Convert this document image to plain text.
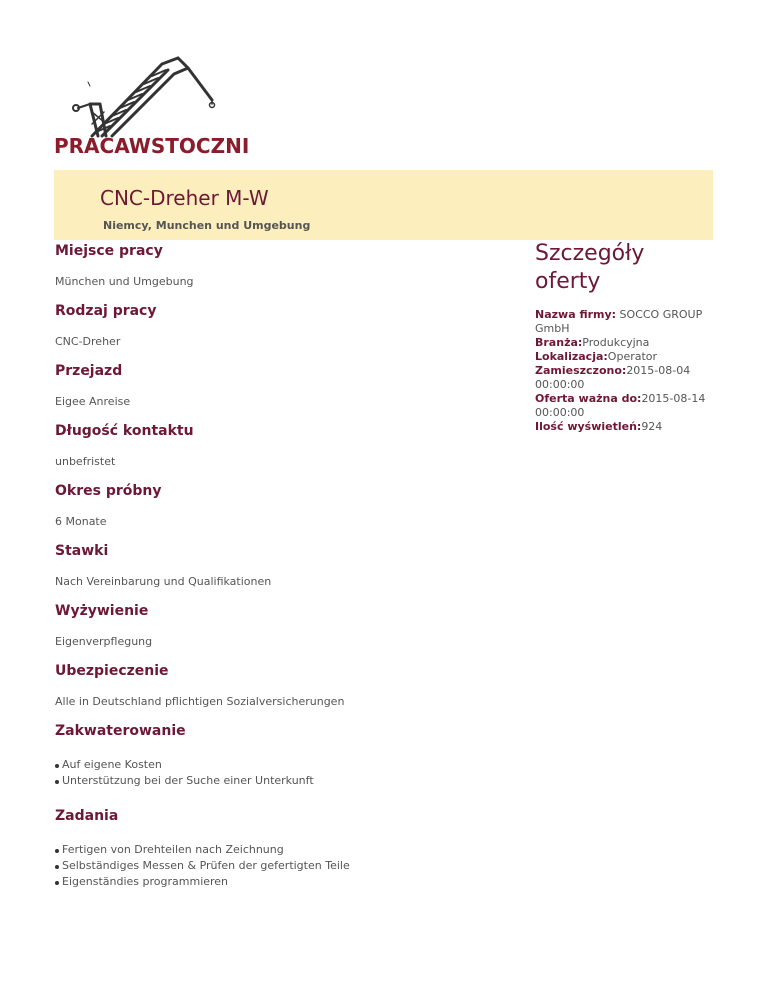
PRACAWSTOCZNI
CNC-Dreher M-W
Niemcy, Munchen und Umgebung
Miejsce pracy
München und Umgebung
Rodzaj pracy
CNC-Dreher
Przejazd
Eigee Anreise
Długość kontaktu
unbefristet
Okres próbny
6 Monate
Stawki
Nach Vereinbarung und Qualifikationen
Wyżywienie
Eigenverpflegung
Ubezpieczenie
Alle in Deutschland pflichtigen Sozialversicherungen
Zakwaterowanie
Auf eigene Kosten
Unterstützung bei der Suche einer Unterkunft
Zadania
Fertigen von Drehteilen nach Zeichnung
Selbständiges Messen & Prüfen der gefertigten Teile
Eigenständies programmieren
Szczegóły oferty
Nazwa firmy: SOCCO GROUP GmbH
Branża:Produkcyjna
Lokalizacja:Operator
Zamieszczono:2015-08-04 00:00:00
Oferta ważna do:2015-08-14 00:00:00
Ilość wyświetleń:924
